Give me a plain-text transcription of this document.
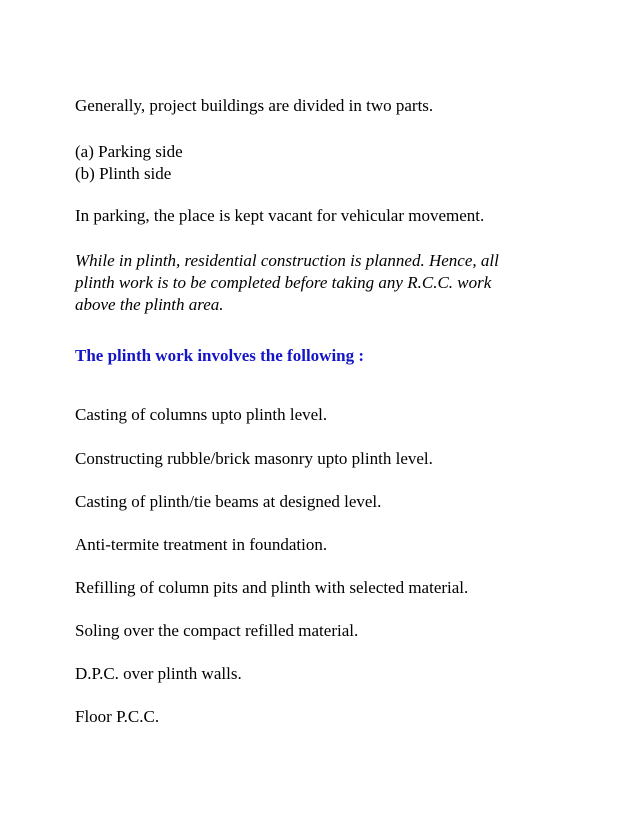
Generally, project buildings are divided in two parts.
(a) Parking side
(b) Plinth side
In parking, the place is kept vacant for vehicular movement.
While in plinth, residential construction is planned. Hence, all
plinth work is to be completed before taking any R.C.C. work
above the plinth area.
The plinth work involves the following :
Casting of columns upto plinth level.
Constructing rubble/brick masonry upto plinth level.
Casting of plinth/tie beams at designed level.
Anti-termite treatment in foundation.
Refilling of column pits and plinth with selected material.
Soling over the compact refilled material.
D.P.C. over plinth walls.
Floor P.C.C.
